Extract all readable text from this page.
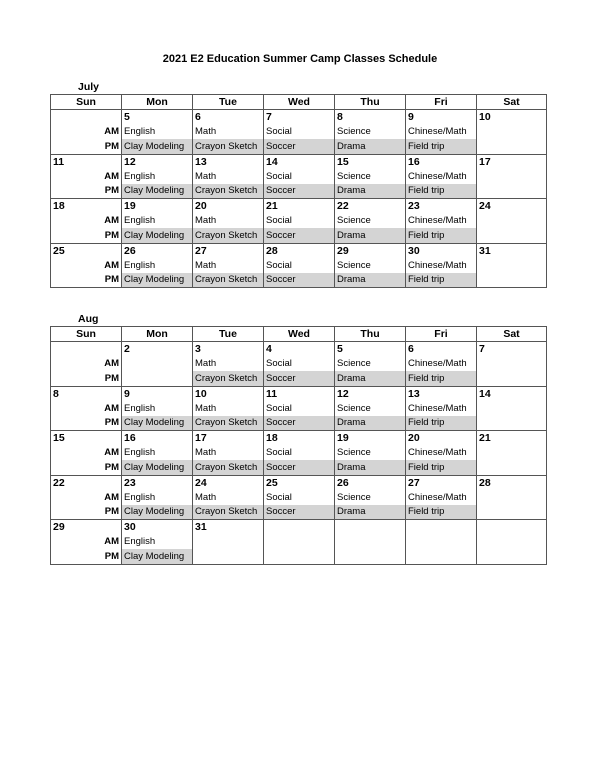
2021 E2 Education Summer Camp Classes Schedule
July
Sun	Mon	Tue	Wed	Thu	Fri	Sat
	5	6	7	8	9	10
AM	English	Math	Social	Science	Chinese/Math	
PM	Clay Modeling	Crayon Sketch	Soccer	Drama	Field trip	
11	12	13	14	15	16	17
AM	English	Math	Social	Science	Chinese/Math	
PM	Clay Modeling	Crayon Sketch	Soccer	Drama	Field trip	
18	19	20	21	22	23	24
AM	English	Math	Social	Science	Chinese/Math	
PM	Clay Modeling	Crayon Sketch	Soccer	Drama	Field trip	
25	26	27	28	29	30	31
AM	English	Math	Social	Science	Chinese/Math	
PM	Clay Modeling	Crayon Sketch	Soccer	Drama	Field trip	
Aug
Sun	Mon	Tue	Wed	Thu	Fri	Sat
	2	3	4	5	6	7
AM		Math	Social	Science	Chinese/Math	
PM		Crayon Sketch	Soccer	Drama	Field trip	
8	9	10	11	12	13	14
AM	English	Math	Social	Science	Chinese/Math	
PM	Clay Modeling	Crayon Sketch	Soccer	Drama	Field trip	
15	16	17	18	19	20	21
AM	English	Math	Social	Science	Chinese/Math	
PM	Clay Modeling	Crayon Sketch	Soccer	Drama	Field trip	
22	23	24	25	26	27	28
AM	English	Math	Social	Science	Chinese/Math	
PM	Clay Modeling	Crayon Sketch	Soccer	Drama	Field trip	
29	30	31				
AM	English					
PM	Clay Modeling					
